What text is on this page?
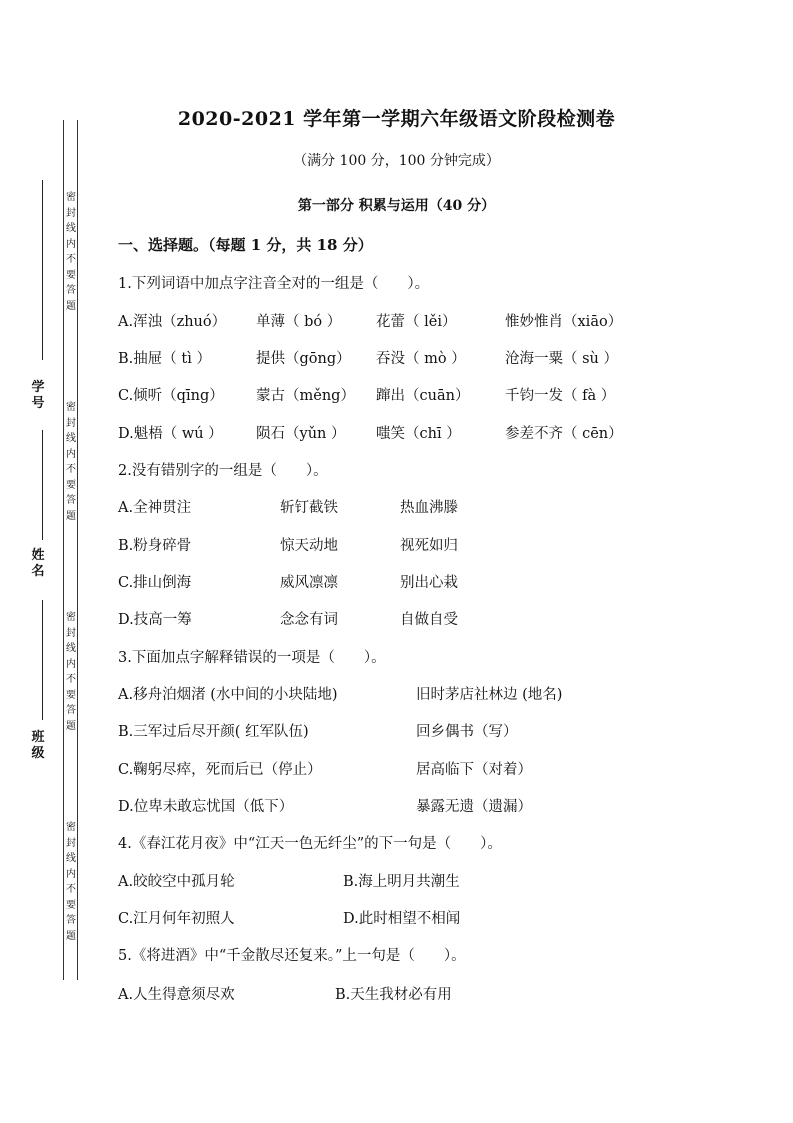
密封线内不要答题
密封线内不要答题
密封线内不要答题
密封线内不要答题
学号
姓名
班级
2020-2021 学年第一学期六年级语文阶段检测卷
（满分 100 分，100 分钟完成）
第一部分 积累与运用（40 分）
一、选择题。（每题 1 分，共 18 分）
1.下列词语中加点字注音全对的一组是（　　）。
A.浑浊（zhuó） 单薄（ bó ） 花蕾（ lěi）	惟妙惟肖（xiāo）
B.抽屉（ tì ）	提供（gōng） 吞没（ mò ）	沧海一粟（ sù ）
C.倾听（qīng） 蒙古（měng） 蹿出（cuān） 千钧一发（ fà ）
D.魁梧（ wú ） 陨石（yǔn ） 嗤笑（chī ）	参差不齐（ cēn）
2.没有错别字的一组是（　　）。
A.全神贯注	斩钉截铁	热血沸滕
B.粉身碎骨	惊天动地	视死如归
C.排山倒海	威风凛凛	别出心栽
D.技高一筹	念念有词	自做自受
3.下面加点字解释错误的一项是（　　）。
A.移舟泊烟渚 (水中间的小块陆地)	旧时茅店社林边 (地名)
B.三军过后尽开颜( 红军队伍)	回乡偶书（写）
C.鞠躬尽瘁，死而后已（停止）	居高临下（对着）
D.位卑未敢忘忧国（低下）	暴露无遗（遗漏）
4.《春江花月夜》中“江天一色无纤尘”的下一句是（　　）。
A.皎皎空中孤月轮	B.海上明月共潮生
C.江月何年初照人	D.此时相望不相闻
5.《将进酒》中“千金散尽还复来。”上一句是（　　）。
A.人生得意须尽欢	B.天生我材必有用
